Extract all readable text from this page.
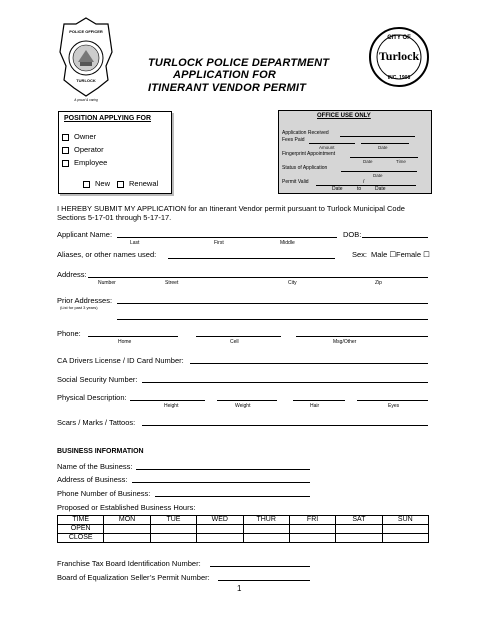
POLICE OFFICER
TURLOCK
A proud & caring
TURLOCK POLICE DEPARTMENT
APPLICATION FOR
ITINERANT VENDOR PERMIT
CITY OF
Turlock
INC. 1908
POSITION APPLYING FOR
Owner
Operator
Employee
New	Renewal
OFFICE USE ONLY
Application Received
Fees Paid
Amount	Date
Fingerprint Appointment
Date	Time
Status of Application
Date
Permit Valid	/
Date	to	Date
I HEREBY SUBMIT MY APPLICATION for an Itinerant Vendor permit pursuant to Turlock Municipal Code Sections 5-17-01 through 5-17-17.
Applicant Name:	DOB:
Last	First	Middle
Aliases, or other names used:	Sex: Male ☐ Female ☐
Address:
Number	Street	City	Zip
Prior Addresses:
(List for past 3 years)
Phone:
Home	Cell	Msg/Other
CA Drivers License / ID Card Number:
Social Security Number:
Physical Description:
Height	Weight	Hair	Eyes
Scars / Marks / Tattoos:
BUSINESS INFORMATION
Name of the Business:
Address of Business:
Phone Number of Business:
Proposed or Established Business Hours:
TIME	MON	TUE	WED	THUR	FRI	SAT	SUN
OPEN							
CLOSE							
Franchise Tax Board Identification Number:
Board of Equalization Seller’s Permit Number:
1
